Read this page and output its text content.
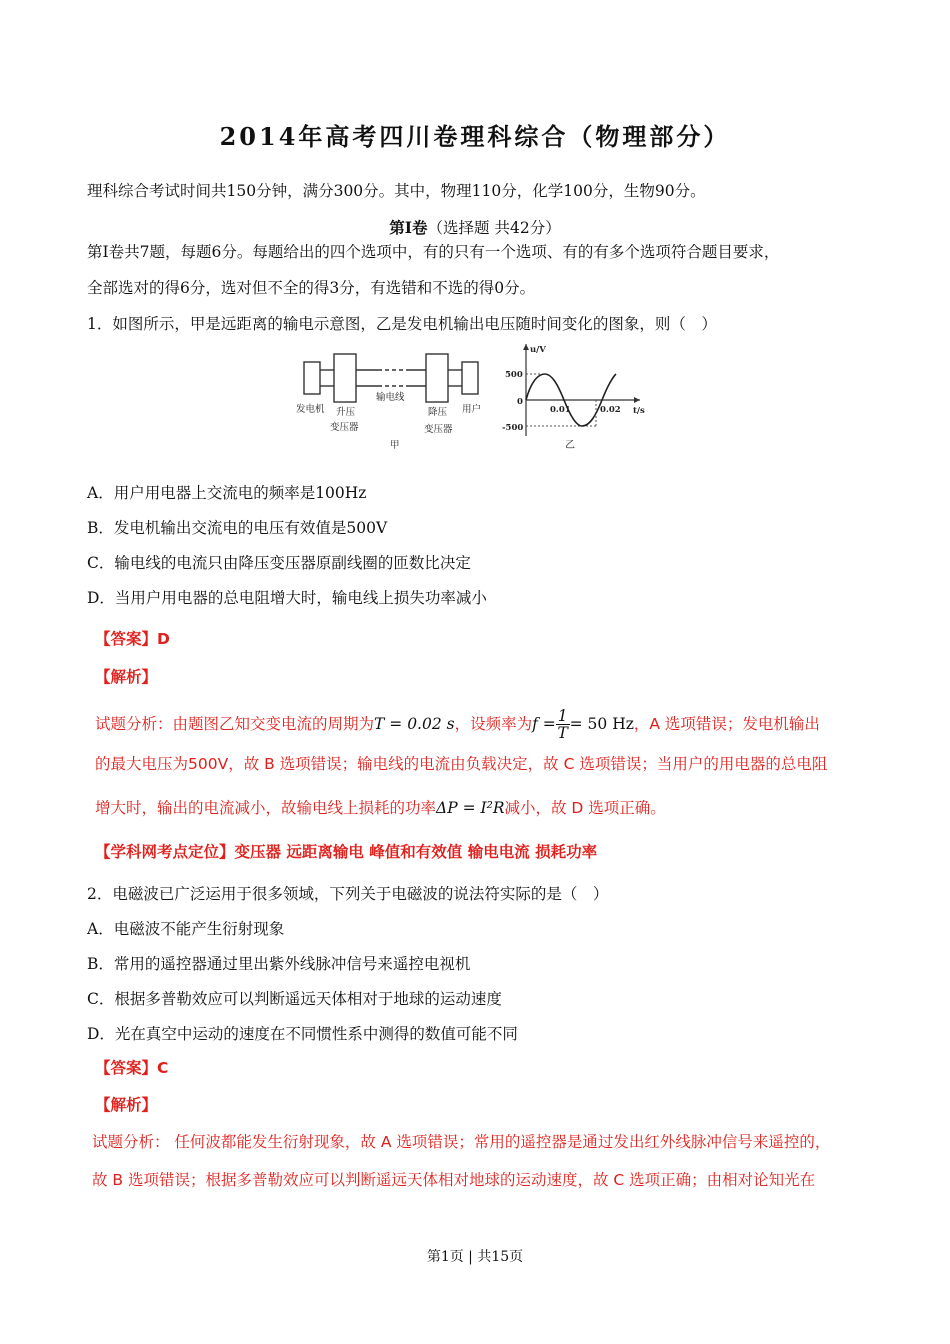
2014年高考四川卷理科综合（物理部分）
理科综合考试时间共150分钟，满分300分。其中，物理110分，化学100分，生物90分。
第I卷（选择题 共42分）
第I卷共7题，每题6分。每题给出的四个选项中，有的只有一个选项、有的有多个选项符合题目要求，
全部选对的得6分，选对但不全的得3分，有选错和不选的得0分。
1．如图所示，甲是远距离的输电示意图，乙是发电机输出电压随时间变化的图象，则（　）
发电机 升压
变压器
输电线
降压
变压器
用户
甲
u/V
t/s
500
-500
0
0.01	0.02
乙
A．用户用电器上交流电的频率是100Hz
B．发电机输出交流电的电压有效值是500V
C．输电线的电流只由降压变压器原副线圈的匝数比决定
D．当用户用电器的总电阻增大时，输电线上损失功率减小
【答案】D
【解析】
试题分析：由题图乙知交变电流的周期为T = 0.02 s，设频率为$f = \frac{1}{T}= 50$ Hz，A 选项错误；发电机输出
的最大电压为500V，故 B 选项错误；输电线的电流由负载决定，故 C 选项错误；当用户的用电器的总电阻
增大时，输出的电流减小，故输电线上损耗的功率ΔP = I²R减小，故 D 选项正确。
【学科网考点定位】变压器 远距离输电 峰值和有效值 输电电流 损耗功率
2．电磁波已广泛运用于很多领域，下列关于电磁波的说法符实际的是（　）
A．电磁波不能产生衍射现象
B．常用的遥控器通过里出紫外线脉冲信号来遥控电视机
C．根据多普勒效应可以判断遥远天体相对于地球的运动速度
D．光在真空中运动的速度在不同惯性系中测得的数值可能不同
【答案】C
【解析】
试题分析： 任何波都能发生衍射现象，故 A 选项错误；常用的遥控器是通过发出红外线脉冲信号来遥控的，
故 B 选项错误；根据多普勒效应可以判断遥远天体相对地球的运动速度，故 C 选项正确；由相对论知光在
第1页 | 共15页
